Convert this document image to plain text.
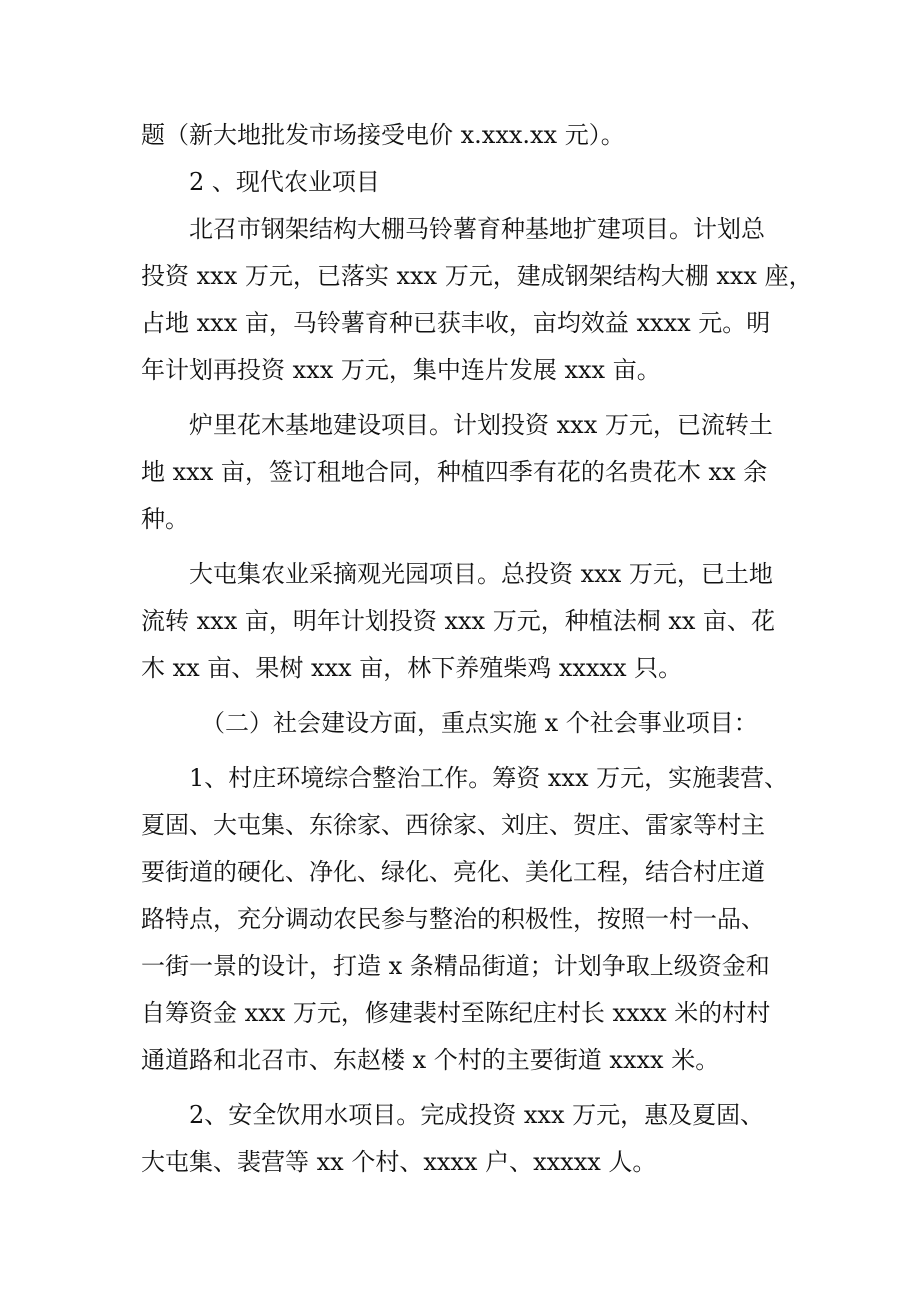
题（新大地批发市场接受电价 x.xxx.xx 元）。
2 、现代农业项目
北召市钢架结构大棚马铃薯育种基地扩建项目。计划总
投资 xxx 万元，已落实 xxx 万元，建成钢架结构大棚 xxx 座，
占地 xxx 亩，马铃薯育种已获丰收，亩均效益 xxxx 元。明
年计划再投资 xxx 万元，集中连片发展 xxx 亩。
炉里花木基地建设项目。计划投资 xxx 万元，已流转土
地 xxx 亩，签订租地合同，种植四季有花的名贵花木 xx 余
种。
大屯集农业采摘观光园项目。总投资 xxx 万元，已土地
流转 xxx 亩，明年计划投资 xxx 万元，种植法桐 xx 亩、花
木 xx 亩、果树 xxx 亩，林下养殖柴鸡 xxxxx 只。
（二）社会建设方面，重点实施 x 个社会事业项目：
1、村庄环境综合整治工作。筹资 xxx 万元，实施裴营、
夏固、大屯集、东徐家、西徐家、刘庄、贺庄、雷家等村主
要街道的硬化、净化、绿化、亮化、美化工程，结合村庄道
路特点，充分调动农民参与整治的积极性，按照一村一品、
一街一景的设计，打造 x 条精品街道；计划争取上级资金和
自筹资金 xxx 万元，修建裴村至陈纪庄村长 xxxx 米的村村
通道路和北召市、东赵楼 x 个村的主要街道 xxxx 米。
2、安全饮用水项目。完成投资 xxx 万元，惠及夏固、
大屯集、裴营等 xx 个村、xxxx 户、xxxxx 人。
